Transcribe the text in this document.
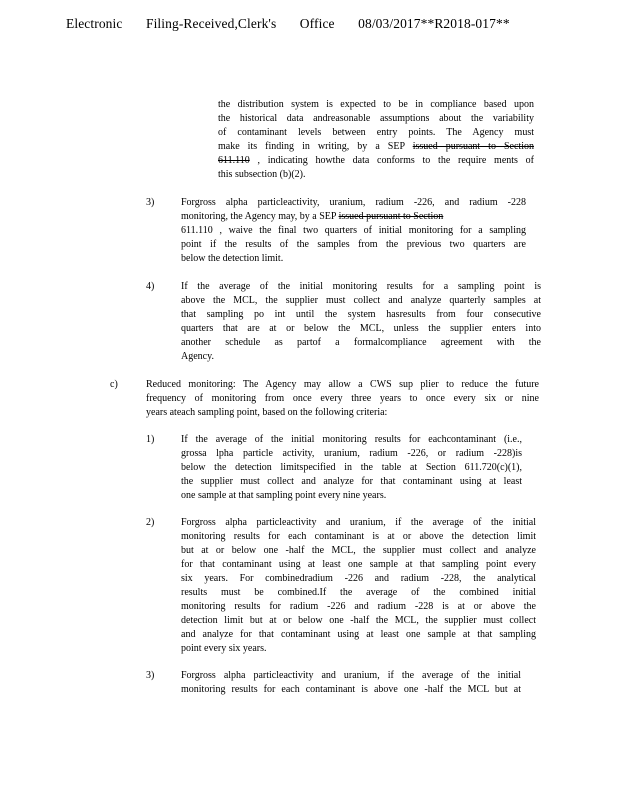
Electronic Filing-Received,Clerk's Office 08/03/2017**R2018-017**
the distribution system is expected to be in compliance based upon
the historical data andreasonable assumptions about the variability
of contaminant levels between entry points. The Agency must
make its finding in writing, by a SEP issued pursuant to Section
611.110 , indicating howthe data conforms to the require ments of
this subsection (b)(2).
3)	Forgross alpha particleactivity, uranium, radium -226, and radium -228
monitoring, the Agency may, by a SEP issued pursuant to Section
611.110 , waive the final two quarters of initial monitoring for a sampling
point if the results of the samples from the previous two quarters are
below the detection limit.
4)	If the average of the initial monitoring results for a sampling point is
above the MCL, the supplier must collect and analyze quarterly samples at
that sampling po int until the system hasresults from four consecutive
quarters that are at or below the MCL, unless the supplier enters into
another schedule as partof a formalcompliance agreement with the
Agency.
c)	Reduced monitoring: The Agency may allow a CWS sup plier to reduce the future
frequency of monitoring from once every three years to once every six or nine
years ateach sampling point, based on the following criteria:
1)	If the average of the initial monitoring results for eachcontaminant (i.e.,
grossa lpha particle activity, uranium, radium -226, or radium -228)is
below the detection limitspecified in the table at Section 611.720(c)(1),
the supplier must collect and analyze for that contaminant using at least
one sample at that sampling point every nine years.
2)	Forgross alpha particleactivity and uranium, if the average of the initial
monitoring results for each contaminant is at or above the detection limit
but at or below one -half the MCL, the supplier must collect and analyze
for that contaminant using at least one sample at that sampling point every
six years. For combinedradium -226 and radium -228, the analytical
results must be combined.If the average of the combined initial
monitoring results for radium -226 and radium -228 is at or above the
detection limit but at or below one -half the MCL, the supplier must collect
and analyze for that contaminant using at least one sample at that sampling
point every six years.
3)	Forgross alpha particleactivity and uranium, if the average of the initial
monitoring results for each contaminant is above one -half the MCL but at
